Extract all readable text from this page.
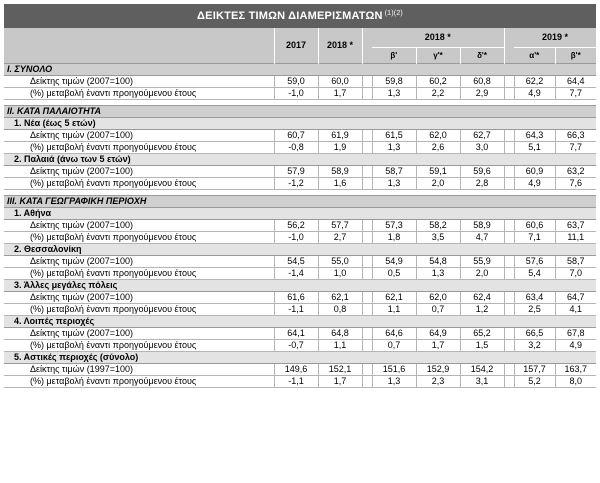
ΔΕΙΚΤΕΣ ΤΙΜΩΝ ΔΙΑΜΕΡΙΣΜΑΤΩΝ $^{(1)(2)}$
	2017	2018 *		2018 *				2019 *	
				β'	γ'*	δ'*		α'*	β'*
I. ΣΥΝΟΛΟ									
Δείκτης τιμών (2007=100)	59,0	60,0		59,8	60,2	60,8		62,2	64,4
(%) μεταβολή έναντι προηγούμενου έτους	-1,0	1,7		1,3	2,2	2,9		4,9	7,7

II. ΚΑΤΑ ΠΑΛΑΙΟΤΗΤΑ									
1. Νέα (έως 5 ετών)									
Δείκτης τιμών (2007=100)	60,7	61,9		61,5	62,0	62,7		64,3	66,3
(%) μεταβολή έναντι προηγούμενου έτους	-0,8	1,9		1,3	2,6	3,0		5,1	7,7
2. Παλαιά (άνω των 5 ετών)									
Δείκτης τιμών (2007=100)	57,9	58,9		58,7	59,1	59,6		60,9	63,2
(%) μεταβολή έναντι προηγούμενου έτους	-1,2	1,6		1,3	2,0	2,8		4,9	7,6

III. ΚΑΤΑ ΓΕΩΓΡΑΦΙΚΗ ΠΕΡΙΟΧΗ									
1. Αθήνα									
Δείκτης τιμών (2007=100)	56,2	57,7		57,3	58,2	58,9		60,6	63,7
(%) μεταβολή έναντι προηγούμενου έτους	-1,0	2,7		1,8	3,5	4,7		7,1	11,1
2. Θεσσαλονίκη									
Δείκτης τιμών (2007=100)	54,5	55,0		54,9	54,8	55,9		57,6	58,7
(%) μεταβολή έναντι προηγούμενου έτους	-1,4	1,0		0,5	1,3	2,0		5,4	7,0
3. Άλλες μεγάλες πόλεις									
Δείκτης τιμών (2007=100)	61,6	62,1		62,1	62,0	62,4		63,4	64,7
(%) μεταβολή έναντι προηγούμενου έτους	-1,1	0,8		1,1	0,7	1,2		2,5	4,1
4. Λοιπές περιοχές									
Δείκτης τιμών (2007=100)	64,1	64,8		64,6	64,9	65,2		66,5	67,8
(%) μεταβολή έναντι προηγούμενου έτους	-0,7	1,1		0,7	1,7	1,5		3,2	4,9
5. Αστικές περιοχές (σύνολο)									
Δείκτης τιμών (1997=100)	149,6	152,1		151,6	152,9	154,2		157,7	163,7
(%) μεταβολή έναντι προηγούμενου έτους	-1,1	1,7		1,3	2,3	3,1		5,2	8,0
